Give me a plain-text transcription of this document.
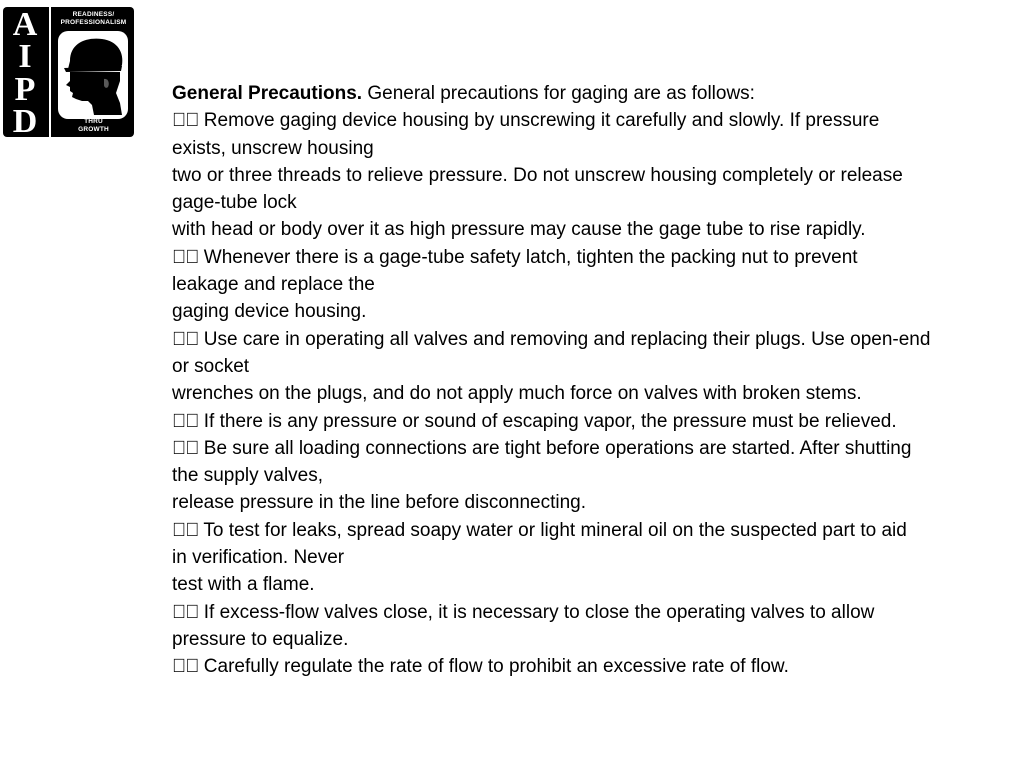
A
I
P
D
READINESS/
PROFESSIONALISM
THRU
GROWTH

General Precautions. General precautions for gaging are as follows:

   Remove gaging device housing by unscrewing it carefully and slowly. If pressure

exists, unscrew housing

two or three threads to relieve pressure. Do not unscrew housing completely or release

gage-tube lock

with head or body over it as high pressure may cause the gage tube to rise rapidly.

   Whenever there is a gage-tube safety latch, tighten the packing nut to prevent

leakage and replace the

gaging device housing.

   Use care in operating all valves and removing and replacing their plugs. Use open-end

or socket

wrenches on the plugs, and do not apply much force on valves with broken stems.

   If there is any pressure or sound of escaping vapor, the pressure must be relieved.

   Be sure all loading connections are tight before operations are started. After shutting

the supply valves,

release pressure in the line before disconnecting.

   To test for leaks, spread soapy water or light mineral oil on the suspected part to aid

in verification. Never

test with a flame.

   If excess-flow valves close, it is necessary to close the operating valves to allow

pressure to equalize.

   Carefully regulate the rate of flow to prohibit an excessive rate of flow.
